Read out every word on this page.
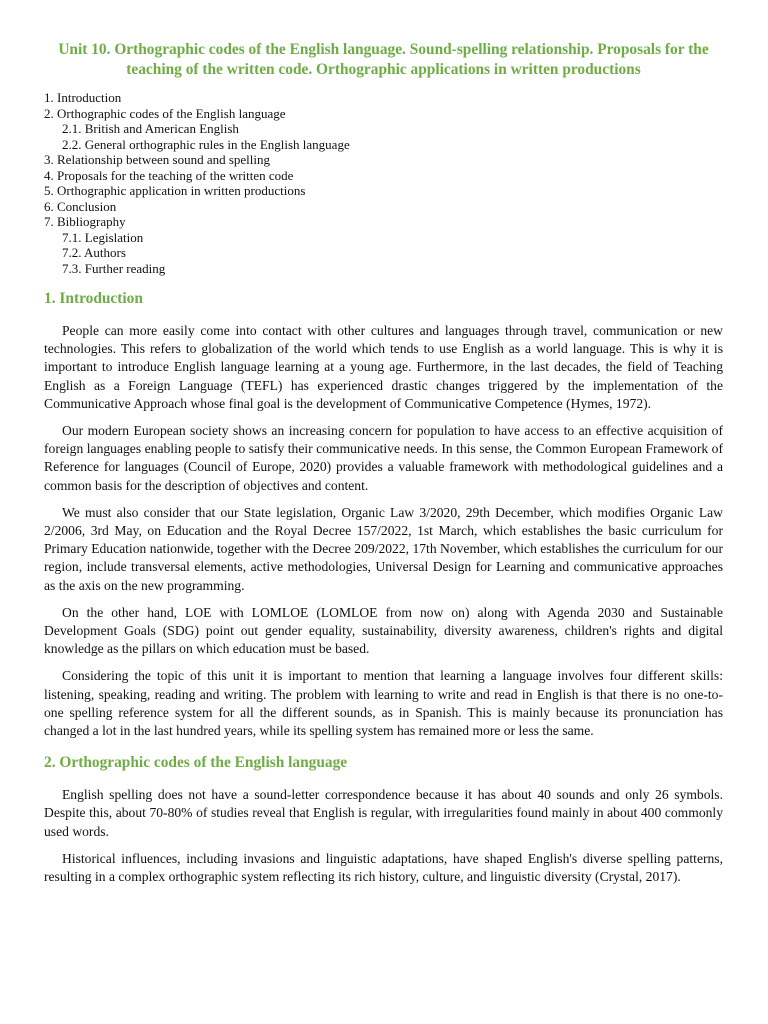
Unit 10. Orthographic codes of the English language. Sound-spelling relationship. Proposals for the teaching of the written code. Orthographic applications in written productions
1. Introduction
2. Orthographic codes of the English language
2.1. British and American English
2.2. General orthographic rules in the English language
3. Relationship between sound and spelling
4. Proposals for the teaching of the written code
5. Orthographic application in written productions
6. Conclusion
7. Bibliography
7.1. Legislation
7.2. Authors
7.3. Further reading
1. Introduction

People can more easily come into contact with other cultures and languages through travel, communication or new technologies. This refers to globalization of the world which tends to use English as a world language. This is why it is important to introduce English language learning at a young age. Furthermore, in the last decades, the field of Teaching English as a Foreign Language (TEFL) has experienced drastic changes triggered by the implementation of the Communicative Approach whose final goal is the development of Communicative Competence (Hymes, 1972).

Our modern European society shows an increasing concern for population to have access to an effective acquisition of foreign languages enabling people to satisfy their communicative needs. In this sense, the Common European Framework of Reference for languages (Council of Europe, 2020) provides a valuable framework with methodological guidelines and a common basis for the description of objectives and content.

We must also consider that our State legislation, Organic Law 3/2020, 29th December, which modifies Organic Law 2/2006, 3rd May, on Education and the Royal Decree 157/2022, 1st March, which establishes the basic curriculum for Primary Education nationwide, together with the Decree 209/2022, 17th November, which establishes the curriculum for our region, include transversal elements, active methodologies, Universal Design for Learning and communicative approaches as the axis on the new programming.

On the other hand, LOE with LOMLOE (LOMLOE from now on) along with Agenda 2030 and Sustainable Development Goals (SDG) point out gender equality, sustainability, diversity awareness, children's rights and digital knowledge as the pillars on which education must be based.

Considering the topic of this unit it is important to mention that learning a language involves four different skills: listening, speaking, reading and writing. The problem with learning to write and read in English is that there is no one-to-one spelling reference system for all the different sounds, as in Spanish. This is mainly because its pronunciation has changed a lot in the last hundred years, while its spelling system has remained more or less the same.

2. Orthographic codes of the English language

English spelling does not have a sound-letter correspondence because it has about 40 sounds and only 26 symbols. Despite this, about 70-80% of studies reveal that English is regular, with irregularities found mainly in about 400 commonly used words.

Historical influences, including invasions and linguistic adaptations, have shaped English's diverse spelling patterns, resulting in a complex orthographic system reflecting its rich history, culture, and linguistic diversity (Crystal, 2017).
